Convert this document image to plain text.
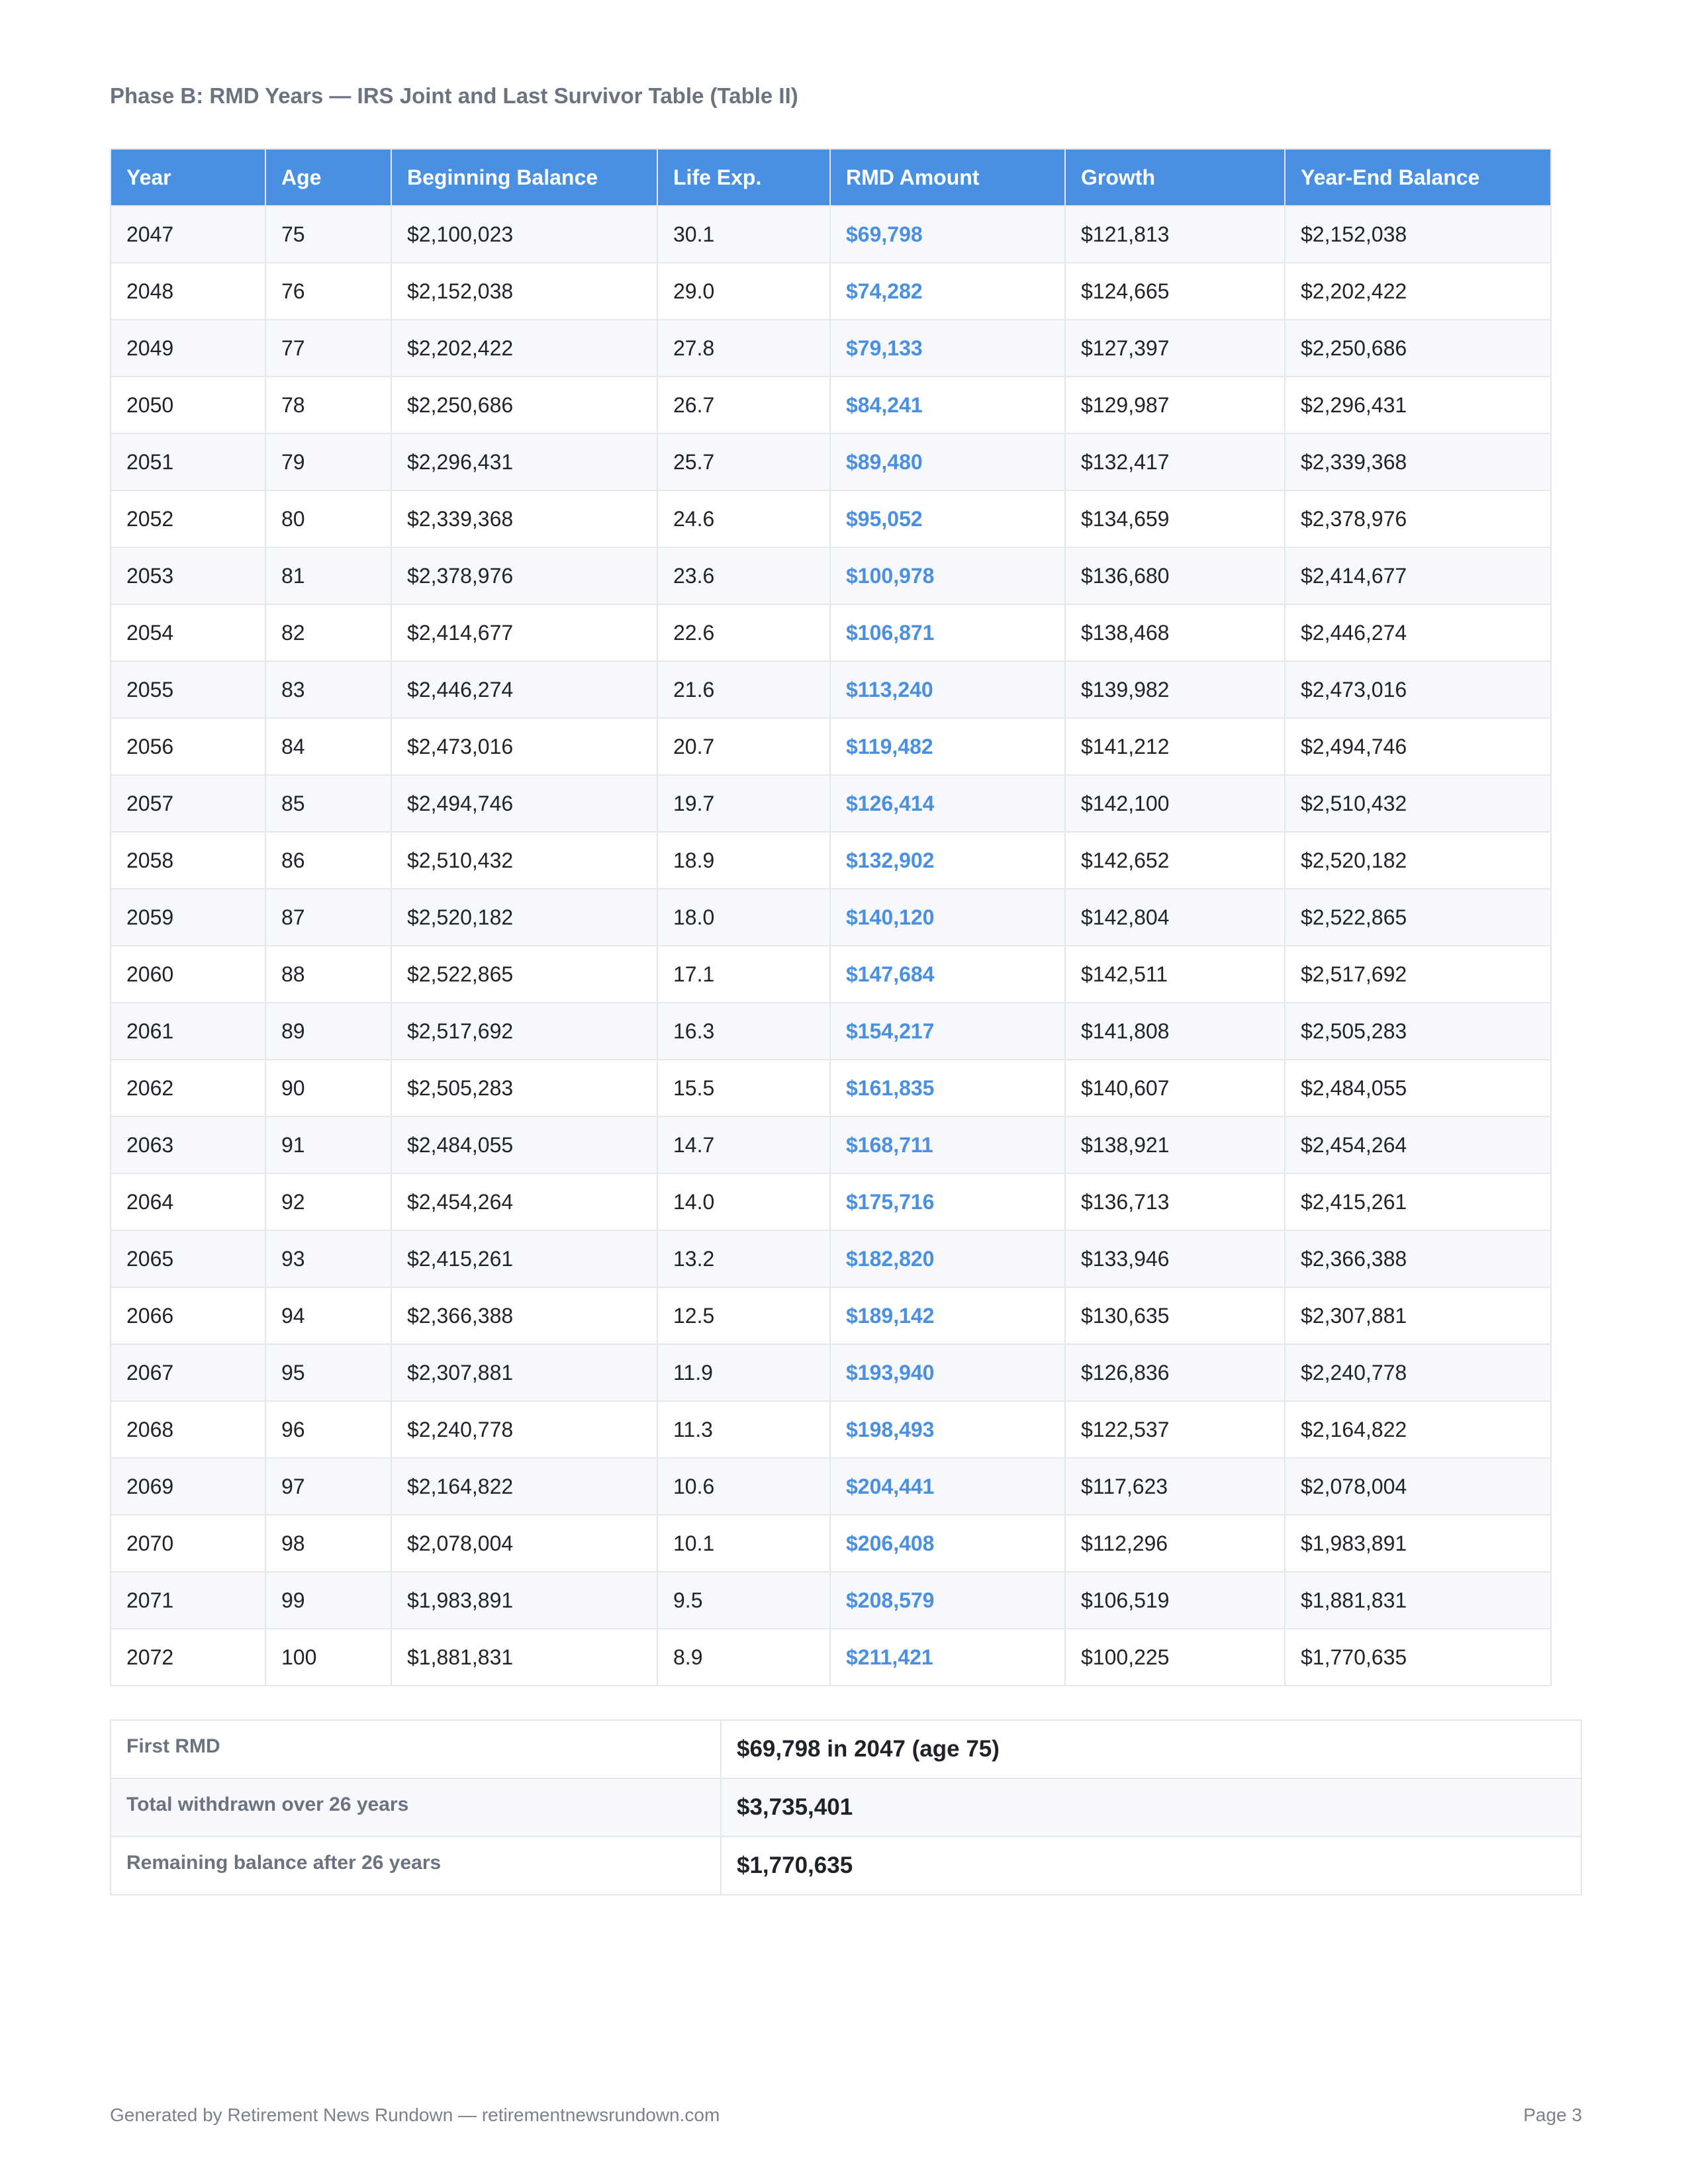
Phase B: RMD Years — IRS Joint and Last Survivor Table (Table II)
Year	Age	Beginning Balance	Life Exp.	RMD Amount	Growth	Year-End Balance
2047	75	$2,100,023	30.1	$69,798	$121,813	$2,152,038
2048	76	$2,152,038	29.0	$74,282	$124,665	$2,202,422
2049	77	$2,202,422	27.8	$79,133	$127,397	$2,250,686
2050	78	$2,250,686	26.7	$84,241	$129,987	$2,296,431
2051	79	$2,296,431	25.7	$89,480	$132,417	$2,339,368
2052	80	$2,339,368	24.6	$95,052	$134,659	$2,378,976
2053	81	$2,378,976	23.6	$100,978	$136,680	$2,414,677
2054	82	$2,414,677	22.6	$106,871	$138,468	$2,446,274
2055	83	$2,446,274	21.6	$113,240	$139,982	$2,473,016
2056	84	$2,473,016	20.7	$119,482	$141,212	$2,494,746
2057	85	$2,494,746	19.7	$126,414	$142,100	$2,510,432
2058	86	$2,510,432	18.9	$132,902	$142,652	$2,520,182
2059	87	$2,520,182	18.0	$140,120	$142,804	$2,522,865
2060	88	$2,522,865	17.1	$147,684	$142,511	$2,517,692
2061	89	$2,517,692	16.3	$154,217	$141,808	$2,505,283
2062	90	$2,505,283	15.5	$161,835	$140,607	$2,484,055
2063	91	$2,484,055	14.7	$168,711	$138,921	$2,454,264
2064	92	$2,454,264	14.0	$175,716	$136,713	$2,415,261
2065	93	$2,415,261	13.2	$182,820	$133,946	$2,366,388
2066	94	$2,366,388	12.5	$189,142	$130,635	$2,307,881
2067	95	$2,307,881	11.9	$193,940	$126,836	$2,240,778
2068	96	$2,240,778	11.3	$198,493	$122,537	$2,164,822
2069	97	$2,164,822	10.6	$204,441	$117,623	$2,078,004
2070	98	$2,078,004	10.1	$206,408	$112,296	$1,983,891
2071	99	$1,983,891	9.5	$208,579	$106,519	$1,881,831
2072	100	$1,881,831	8.9	$211,421	$100,225	$1,770,635
First RMD	$69,798 in 2047 (age 75)
Total withdrawn over 26 years	$3,735,401
Remaining balance after 26 years	$1,770,635
Generated by Retirement News Rundown — retirementnewsrundown.com	Page 3
